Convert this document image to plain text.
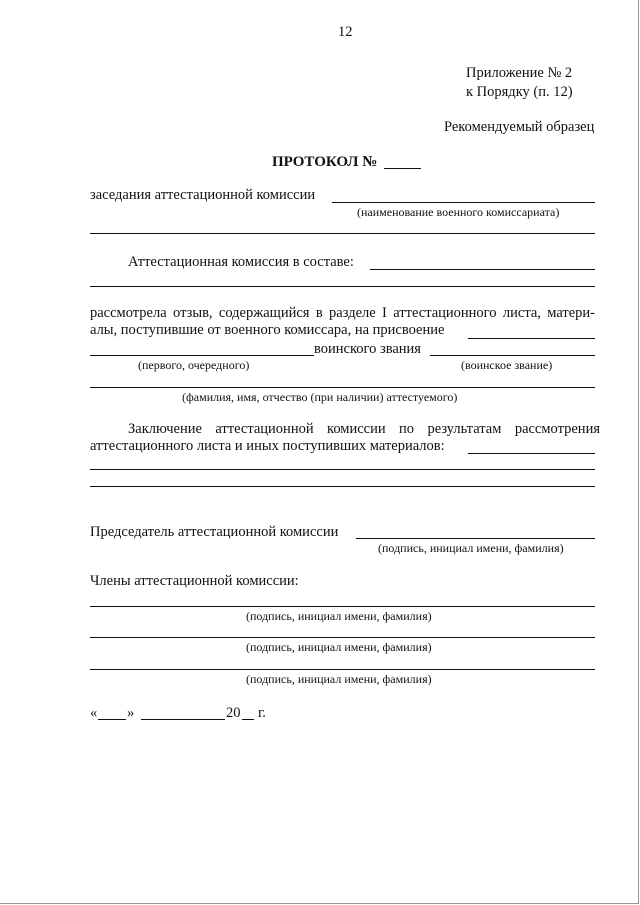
12
Приложение № 2
к Порядку (п. 12)
Рекомендуемый образец
ПРОТОКОЛ №
заседания аттестационной комиссии
(наименование военного комиссариата)
Аттестационная комиссия в составе:
рассмотрела отзыв, содержащийся в разделе I аттестационного листа, матери-
алы, поступившие от военного комиссара, на присвоение
воинского звания
(первого, очередного)	(воинское звание)
(фамилия, имя, отчество (при наличии) аттестуемого)
Заключение аттестационной комиссии по результатам рассмотрения
аттестационного листа и иных поступивших материалов:
Председатель аттестационной комиссии
(подпись, инициал имени, фамилия)
Члены аттестационной комиссии:
(подпись, инициал имени, фамилия)
(подпись, инициал имени, фамилия)
(подпись, инициал имени, фамилия)
« »	20 г.
